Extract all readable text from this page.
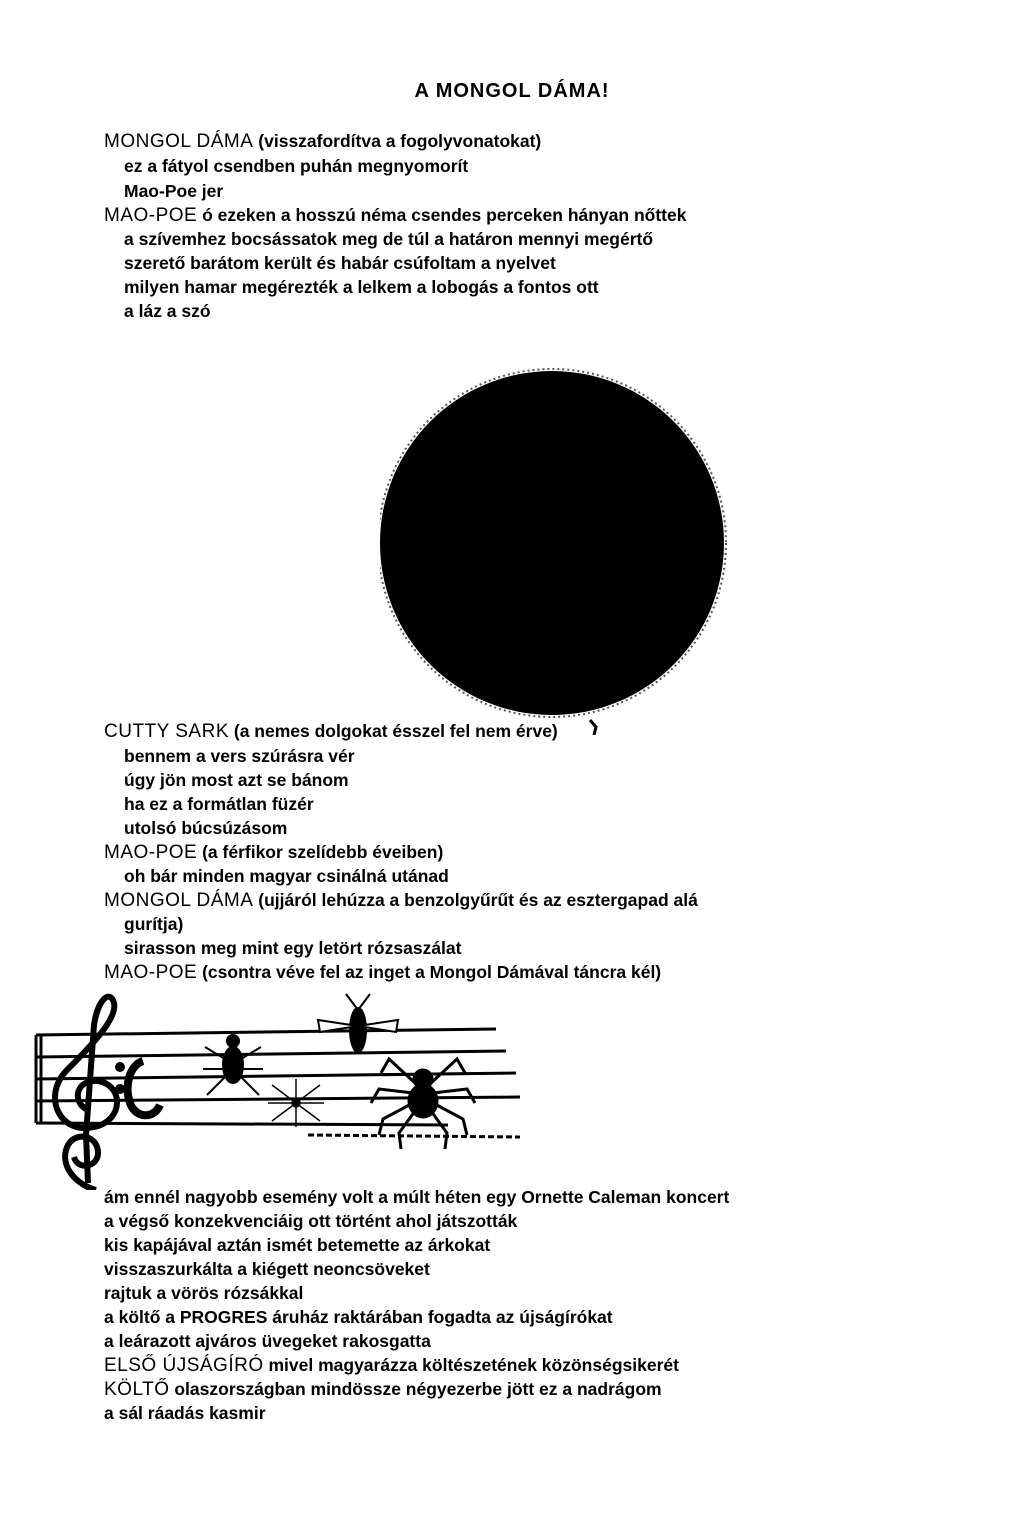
A MONGOL DÁMA!
MONGOL DÁMA (visszafordítva a fogolyvonatokat)
ez a fátyol csendben puhán megnyomorít
Mao-Poe jer
MAO-POE ó ezeken a hosszú néma csendes perceken hányan nőttek
a szívemhez bocsássatok meg de túl a határon mennyi megértő
szerető barátom került és habár csúfoltam a nyelvet
milyen hamar megérezték a lelkem a lobogás a fontos ott
a láz a szó
CUTTY SARK (a nemes dolgokat ésszel fel nem érve)
bennem a vers szúrásra vér
úgy jön most azt se bánom
ha ez a formátlan füzér
utolsó búcsúzásom
MAO-POE (a férfikor szelídebb éveiben)
oh bár minden magyar csinálná utánad
MONGOL DÁMA (ujjáról lehúzza a benzolgyűrűt és az esztergapad alá
gurítja)
sirasson meg mint egy letört rózsaszálat
MAO-POE (csontra véve fel az inget a Mongol Dámával táncra kél)
ám ennél nagyobb esemény volt a múlt héten egy Ornette Caleman koncert
a végső konzekvenciáig ott történt ahol játszották
kis kapájával aztán ismét betemette az árkokat
visszaszurkálta a kiégett neoncsöveket
rajtuk a vörös rózsákkal
a költő a PROGRES áruház raktárában fogadta az újságírókat
a leárazott ajváros üvegeket rakosgatta
ELSŐ ÚJSÁGÍRÓ mivel magyarázza költészetének közönségsikerét
KÖLTŐ olaszországban mindössze négyezerbe jött ez a nadrágom
a sál ráadás kasmir
